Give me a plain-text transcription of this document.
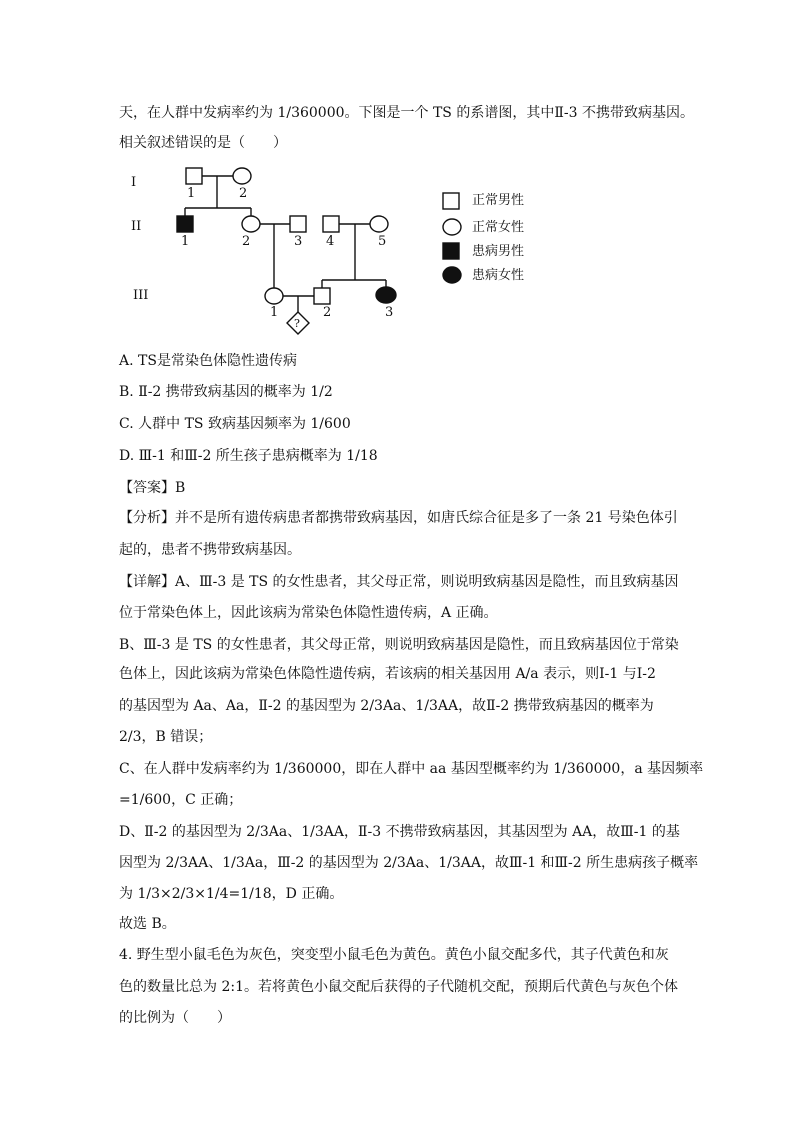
天，在人群中发病率约为 1/360000。下图是一个 TS 的系谱图，其中Ⅱ-3 不携带致病基因。
相关叙述错误的是（　　）
I
II
III
1	2
1	2	3 4	5
1	2	3
?
正常男性
正常女性
患病男性
患病女性
A. TS是常染色体隐性遗传病
B. Ⅱ-2 携带致病基因的概率为 1/2
C. 人群中 TS 致病基因频率为 1/600
D. Ⅲ-1 和Ⅲ-2 所生孩子患病概率为 1/18
【答案】B
【分析】并不是所有遗传病患者都携带致病基因，如唐氏综合征是多了一条 21 号染色体引
起的，患者不携带致病基因。
【详解】A、Ⅲ-3 是 TS 的女性患者，其父母正常，则说明致病基因是隐性，而且致病基因
位于常染色体上，因此该病为常染色体隐性遗传病，A 正确。
B、Ⅲ-3 是 TS 的女性患者，其父母正常，则说明致病基因是隐性，而且致病基因位于常染
色体上，因此该病为常染色体隐性遗传病，若该病的相关基因用 A/a 表示，则Ⅰ-1 与Ⅰ-2
的基因型为 Aa、Aa，Ⅱ-2 的基因型为 2/3Aa、1/3AA，故Ⅱ-2 携带致病基因的概率为
2/3，B 错误；
C、在人群中发病率约为 1/360000，即在人群中 aa 基因型概率约为 1/360000，a 基因频率
=1/600，C 正确；
D、Ⅱ-2 的基因型为 2/3Aa、1/3AA，Ⅱ-3 不携带致病基因，其基因型为 AA，故Ⅲ-1 的基
因型为 2/3AA、1/3Aa，Ⅲ-2 的基因型为 2/3Aa、1/3AA，故Ⅲ-1 和Ⅲ-2 所生患病孩子概率
为 1/3×2/3×1/4=1/18，D 正确。
故选 B。
4. 野生型小鼠毛色为灰色，突变型小鼠毛色为黄色。黄色小鼠交配多代，其子代黄色和灰
色的数量比总为 2:1。若将黄色小鼠交配后获得的子代随机交配，预期后代黄色与灰色个体
的比例为（　　）
